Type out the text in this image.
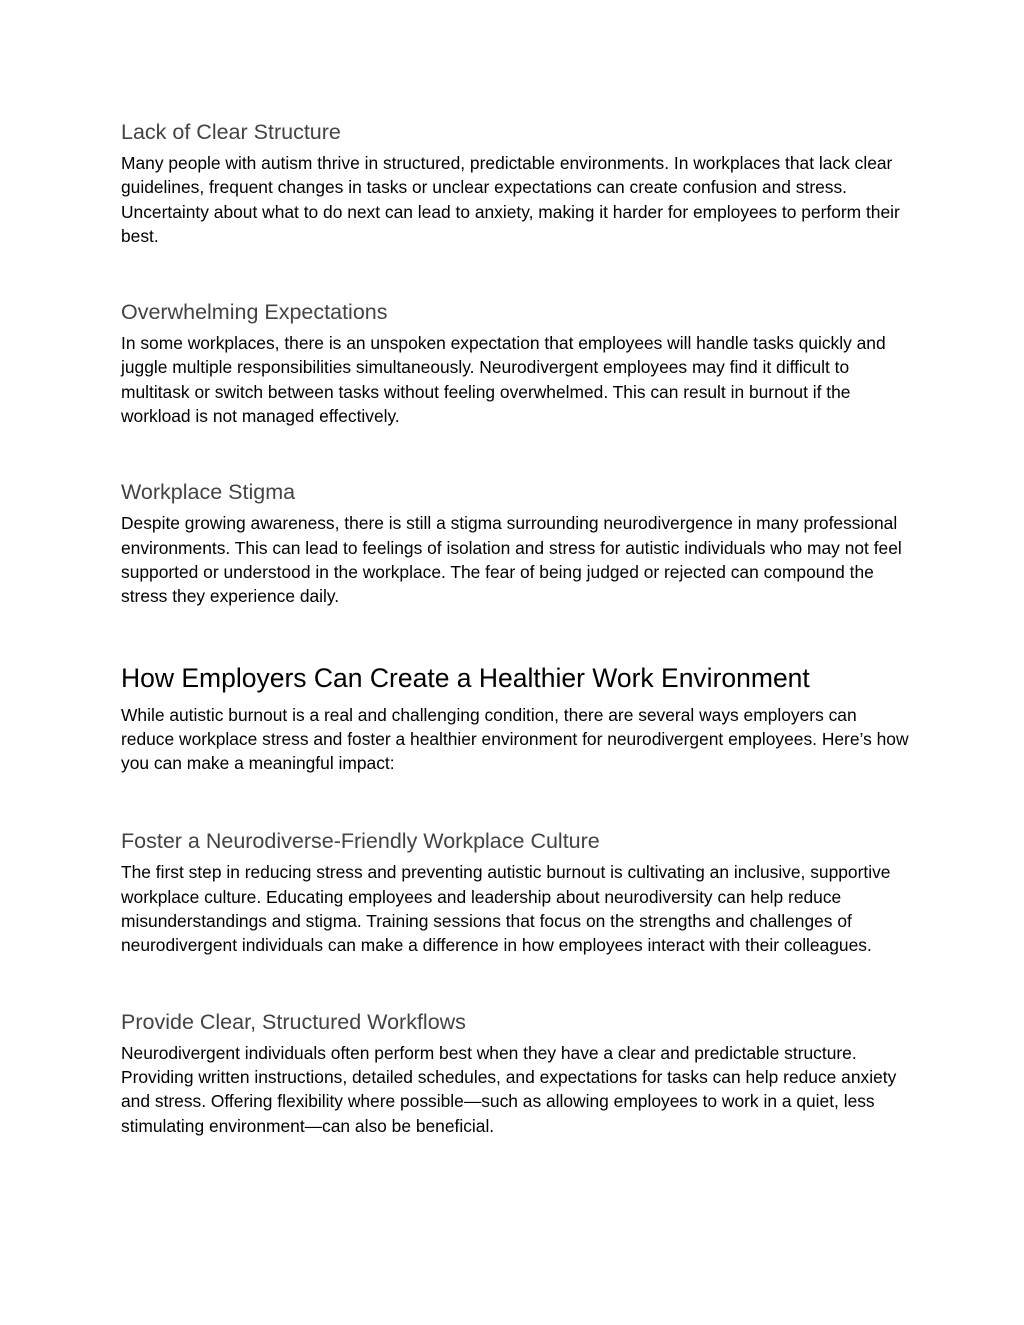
Lack of Clear Structure

Many people with autism thrive in structured, predictable environments. In workplaces that lack clear guidelines, frequent changes in tasks or unclear expectations can create confusion and stress. Uncertainty about what to do next can lead to anxiety, making it harder for employees to perform their best.

Overwhelming Expectations

In some workplaces, there is an unspoken expectation that employees will handle tasks quickly and juggle multiple responsibilities simultaneously. Neurodivergent employees may find it difficult to multitask or switch between tasks without feeling overwhelmed. This can result in burnout if the workload is not managed effectively.

Workplace Stigma

Despite growing awareness, there is still a stigma surrounding neurodivergence in many professional environments. This can lead to feelings of isolation and stress for autistic individuals who may not feel supported or understood in the workplace. The fear of being judged or rejected can compound the stress they experience daily.

How Employers Can Create a Healthier Work Environment

While autistic burnout is a real and challenging condition, there are several ways employers can reduce workplace stress and foster a healthier environment for neurodivergent employees. Here’s how you can make a meaningful impact:

Foster a Neurodiverse-Friendly Workplace Culture

The first step in reducing stress and preventing autistic burnout is cultivating an inclusive, supportive workplace culture. Educating employees and leadership about neurodiversity can help reduce misunderstandings and stigma. Training sessions that focus on the strengths and challenges of neurodivergent individuals can make a difference in how employees interact with their colleagues.

Provide Clear, Structured Workflows

Neurodivergent individuals often perform best when they have a clear and predictable structure. Providing written instructions, detailed schedules, and expectations for tasks can help reduce anxiety and stress. Offering flexibility where possible—such as allowing employees to work in a quiet, less stimulating environment—can also be beneficial.
